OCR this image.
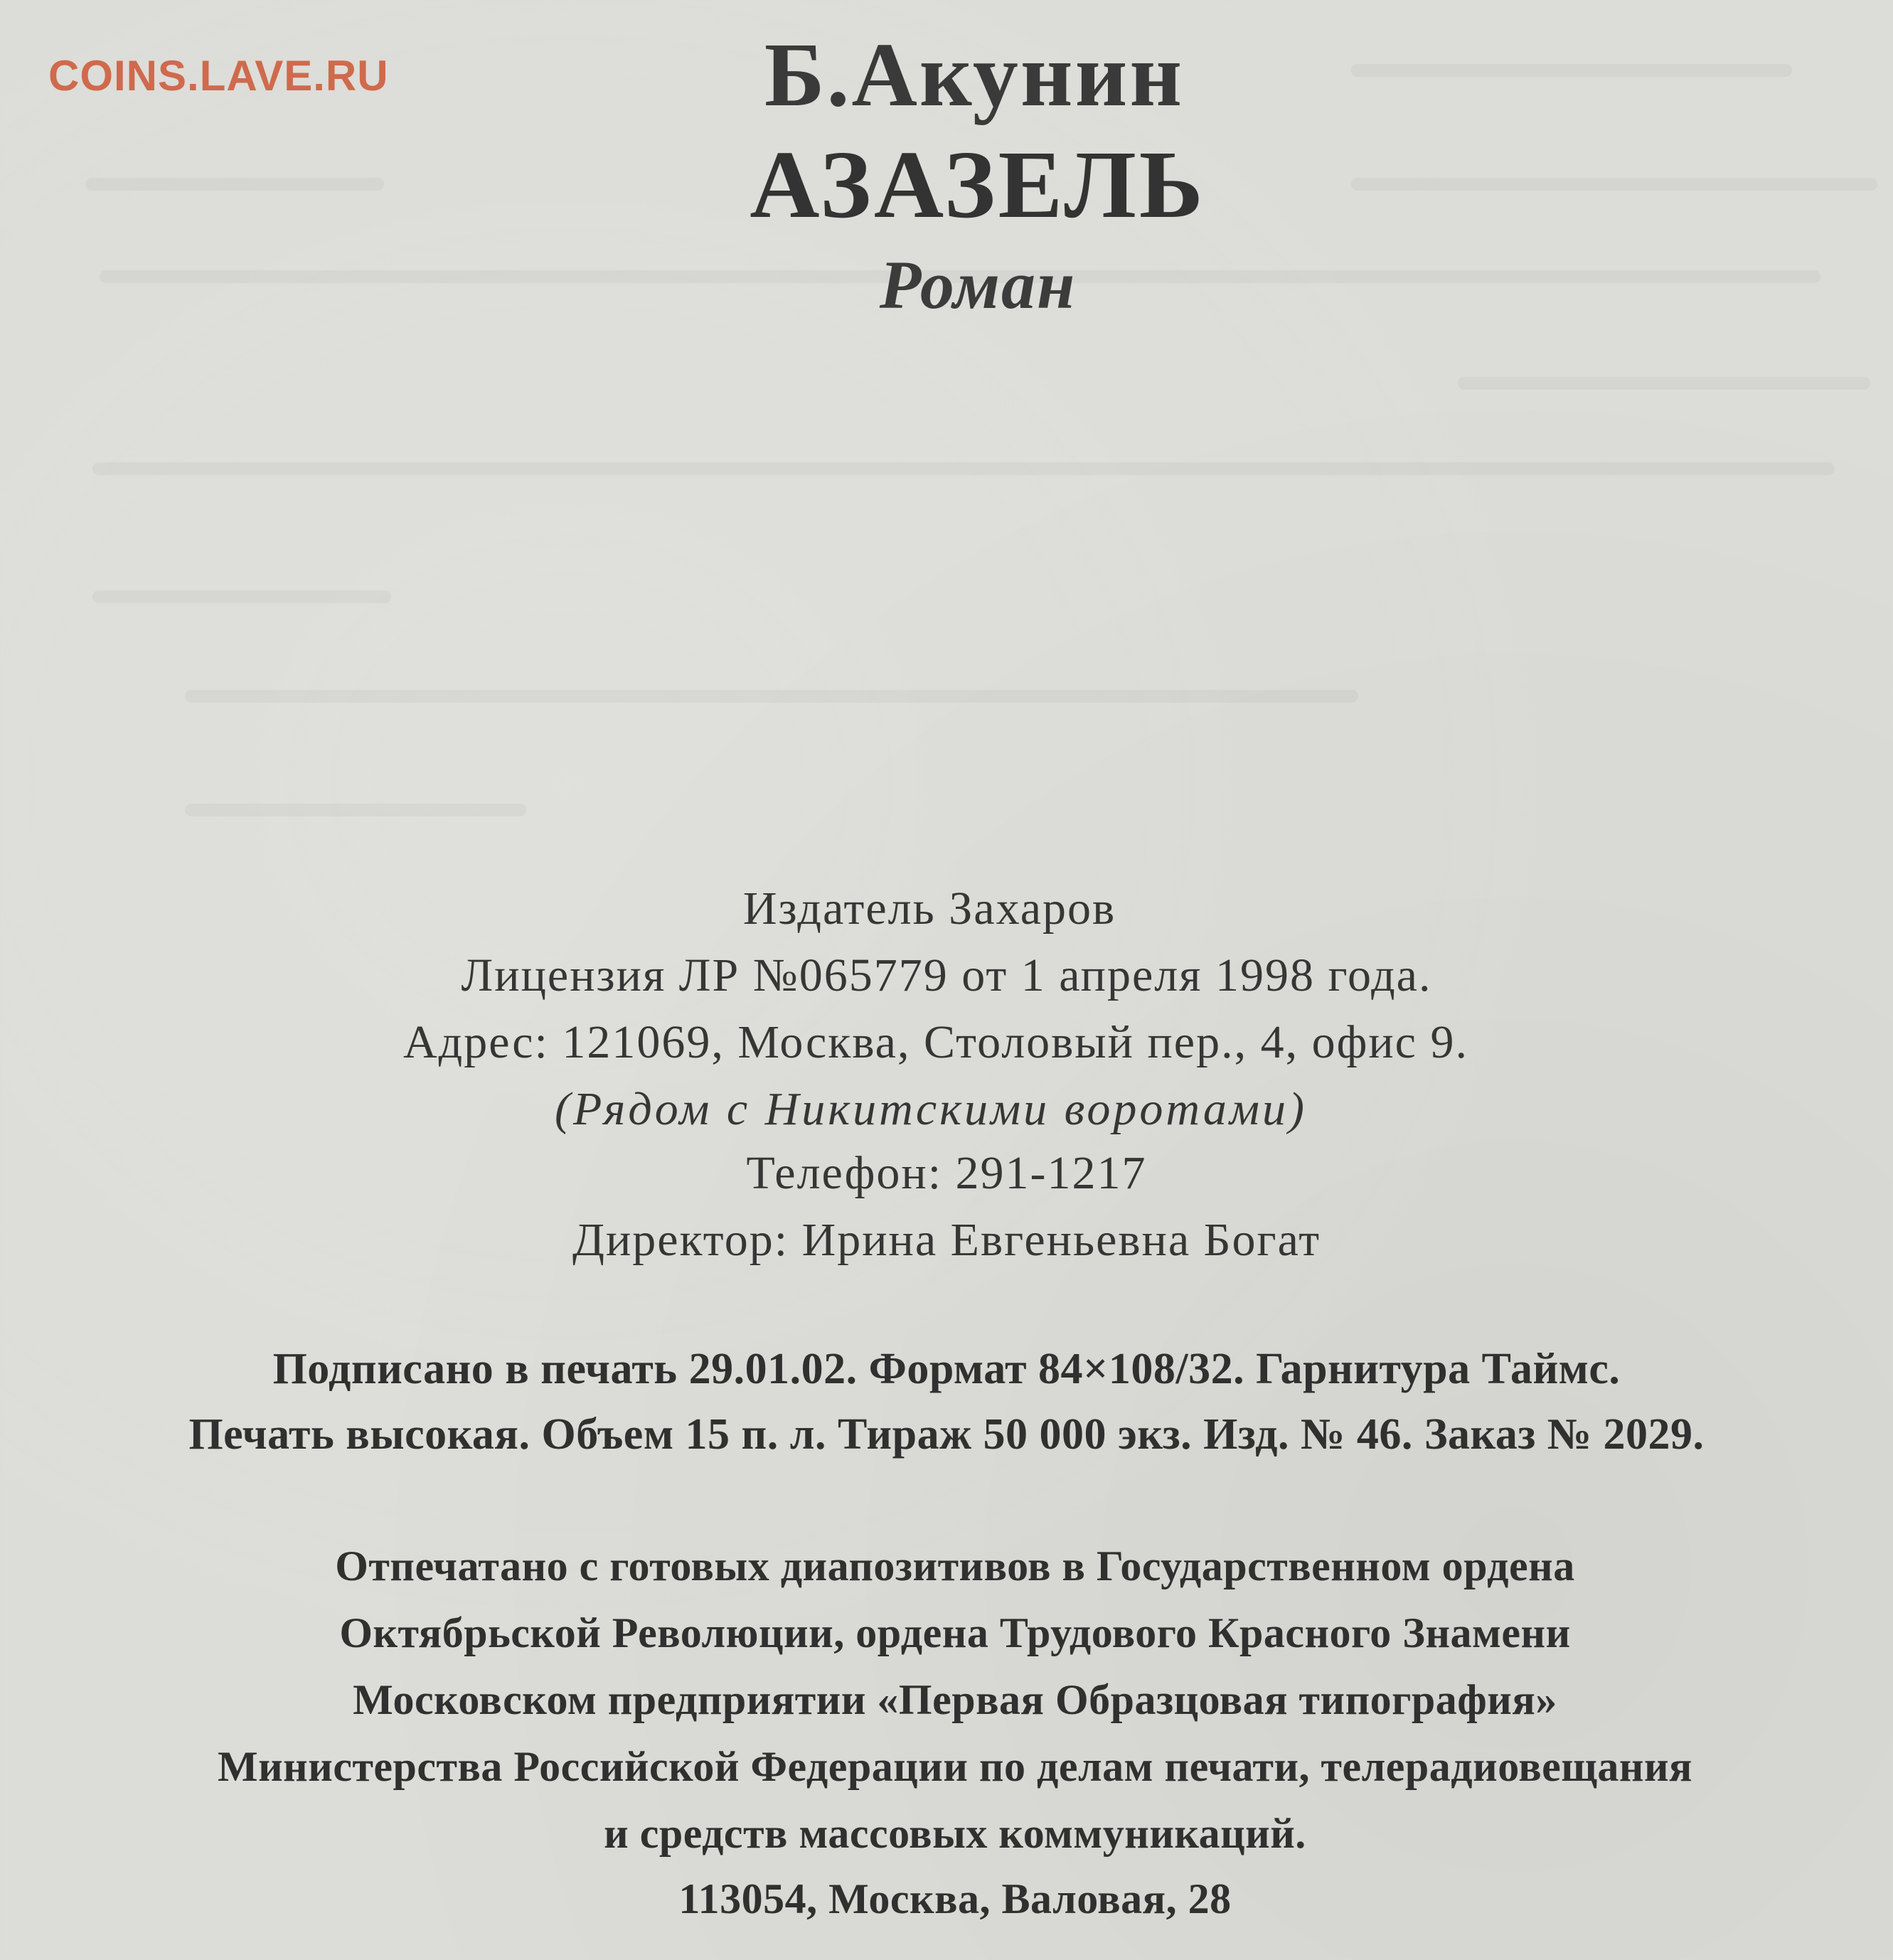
COINS.LAVE.RU	Б.Акунин
АЗАЗЕЛЬ
Роман
Издатель Захаров
Лицензия ЛР №065779 от 1 апреля 1998 года.
Адрес: 121069, Москва, Столовый пер., 4, офис 9.
(Рядом с Никитскими воротами)
Телефон: 291-1217
Директор: Ирина Евгеньевна Богат
Подписано в печать 29.01.02. Формат 84×108/32. Гарнитура Таймс.
Печать высокая. Объем 15 п. л. Тираж 50 000 экз. Изд. № 46. Заказ № 2029.
Отпечатано с готовых диапозитивов в Государственном ордена
Октябрьской Революции, ордена Трудового Красного Знамени
Московском предприятии «Первая Образцовая типография»
Министерства Российской Федерации по делам печати, телерадиовещания
и средств массовых коммуникаций.
113054, Москва, Валовая, 28
